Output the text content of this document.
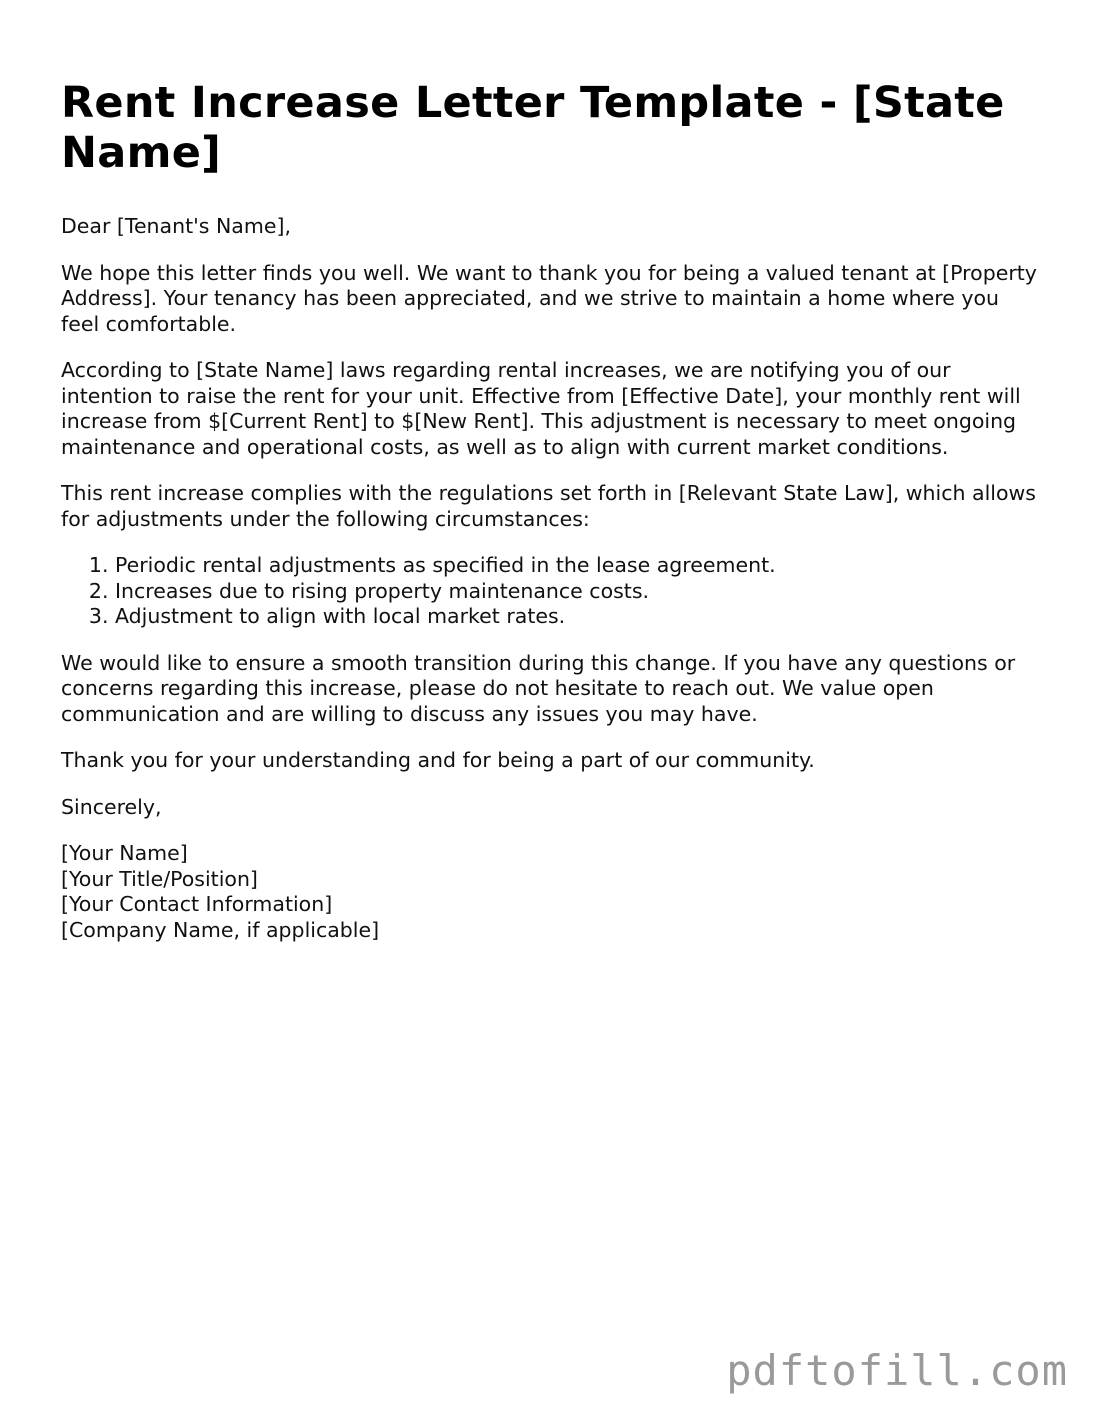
Rent Increase Letter Template - [State Name]

Dear [Tenant's Name],

We hope this letter finds you well. We want to thank you for being a valued tenant at [Property Address]. Your tenancy has been appreciated, and we strive to maintain a home where you feel comfortable.

According to [State Name] laws regarding rental increases, we are notifying you of our intention to raise the rent for your unit. Effective from [Effective Date], your monthly rent will increase from $[Current Rent] to $[New Rent]. This adjustment is necessary to meet ongoing maintenance and operational costs, as well as to align with current market conditions.

This rent increase complies with the regulations set forth in [Relevant State Law], which allows for adjustments under the following circumstances:

1. Periodic rental adjustments as specified in the lease agreement.
2. Increases due to rising property maintenance costs.
3. Adjustment to align with local market rates.

We would like to ensure a smooth transition during this change. If you have any questions or concerns regarding this increase, please do not hesitate to reach out. We value open communication and are willing to discuss any issues you may have.

Thank you for your understanding and for being a part of our community.

Sincerely,

[Your Name]
[Your Title/Position]
[Your Contact Information]
[Company Name, if applicable]
pdftofill.com
